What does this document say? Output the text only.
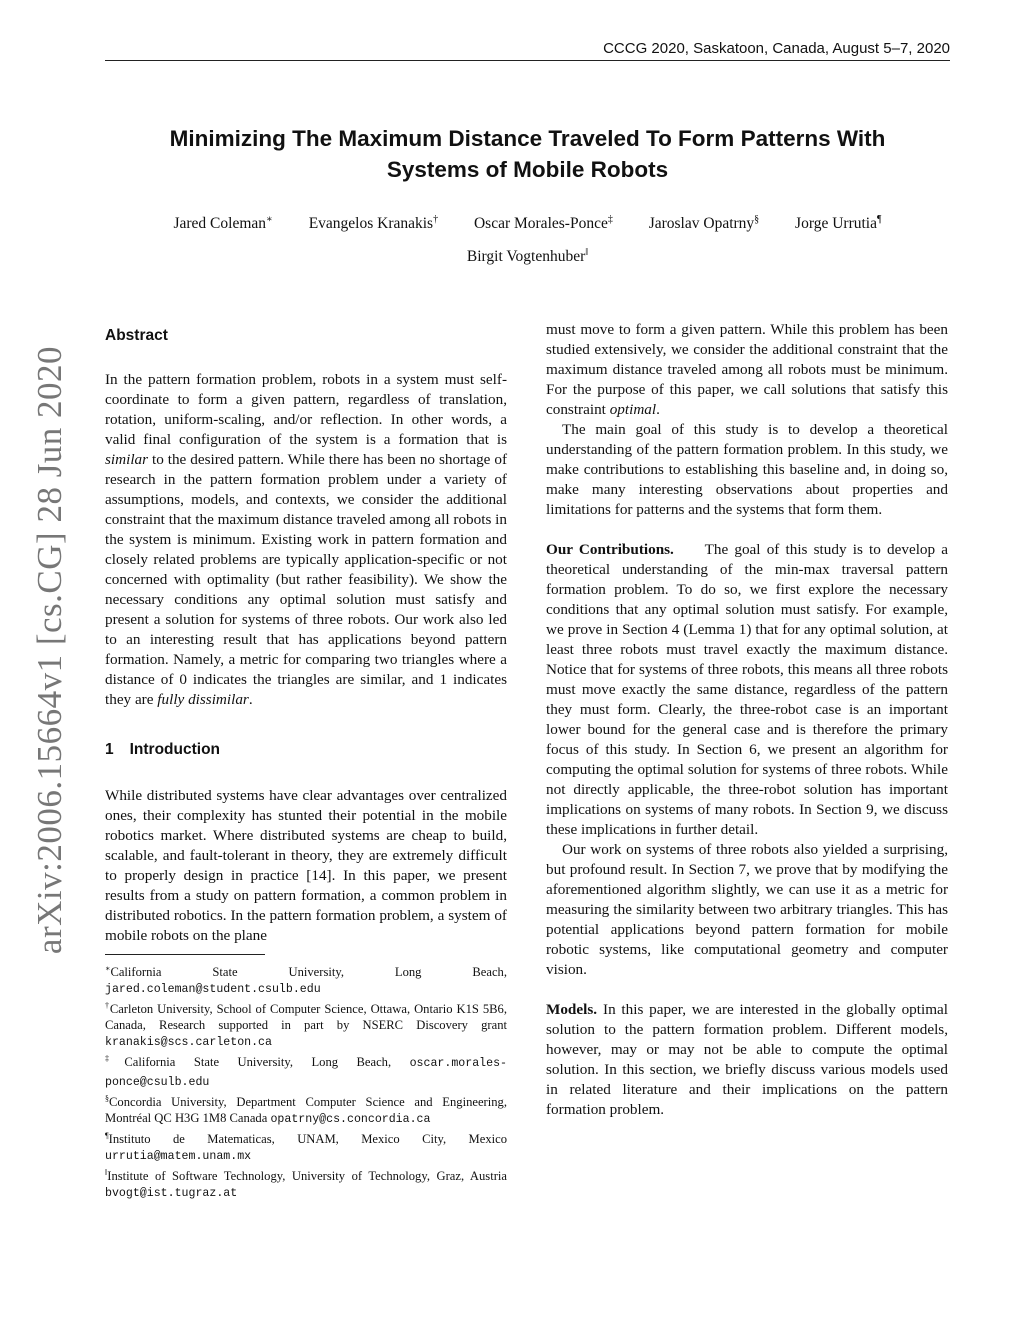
CCCG 2020, Saskatoon, Canada, August 5–7, 2020
arXiv:2006.15664v1 [cs.CG] 28 Jun 2020
Minimizing The Maximum Distance Traveled To Form Patterns With
Systems of Mobile Robots
Jared Coleman∗ Evangelos Kranakis† Oscar Morales-Ponce‡ Jaroslav Opatrny§ Jorge Urrutia¶
Birgit Vogtenhuber‖
Abstract

In the pattern formation problem, robots in a system must self-coordinate to form a given pattern, regardless of translation, rotation, uniform-scaling, and/or reflection. In other words, a valid final configuration of the system is a formation that is similar to the desired pattern. While there has been no shortage of research in the pattern formation problem under a variety of assumptions, models, and contexts, we consider the additional constraint that the maximum distance traveled among all robots in the system is minimum. Existing work in pattern formation and closely related problems are typically application-specific or not concerned with optimality (but rather feasibility). We show the necessary conditions any optimal solution must satisfy and present a solution for systems of three robots. Our work also led to an interesting result that has applications beyond pattern formation. Namely, a metric for comparing two triangles where a distance of 0 indicates the triangles are similar, and 1 indicates they are fully dissimilar.

1 Introduction

While distributed systems have clear advantages over centralized ones, their complexity has stunted their potential in the mobile robotics market. Where distributed systems are cheap to build, scalable, and fault-tolerant in theory, they are extremely difficult to properly design in practice [14]. In this paper, we present results from a study on pattern formation, a common problem in distributed robotics. In the pattern formation problem, a system of mobile robots on the plane

∗California State University, Long Beach, jared.coleman@student.csulb.edu
†Carleton University, School of Computer Science, Ottawa, Ontario K1S 5B6, Canada, Research supported in part by NSERC Discovery grant kranakis@scs.carleton.ca
‡California State University, Long Beach, oscar.morales-ponce@csulb.edu
§Concordia University, Department Computer Science and Engineering, Montréal QC H3G 1M8 Canada opatrny@cs.concordia.ca
¶Instituto de Matematicas, UNAM, Mexico City, Mexico urrutia@matem.unam.mx
‖Institute of Software Technology, University of Technology, Graz, Austria bvogt@ist.tugraz.at

must move to form a given pattern. While this problem has been studied extensively, we consider the additional constraint that the maximum distance traveled among all robots must be minimum. For the purpose of this paper, we call solutions that satisfy this constraint optimal.

The main goal of this study is to develop a theoretical understanding of the pattern formation problem. In this study, we make contributions to establishing this baseline and, in doing so, make many interesting observations about properties and limitations for patterns and the systems that form them.

Our Contributions. The goal of this study is to develop a theoretical understanding of the min-max traversal pattern formation problem. To do so, we first explore the necessary conditions that any optimal solution must satisfy. For example, we prove in Section 4 (Lemma 1) that for any optimal solution, at least three robots must travel exactly the maximum distance. Notice that for systems of three robots, this means all three robots must move exactly the same distance, regardless of the pattern they must form. Clearly, the three-robot case is an important lower bound for the general case and is therefore the primary focus of this study. In Section 6, we present an algorithm for computing the optimal solution for systems of three robots. While not directly applicable, the three-robot solution has important implications on systems of many robots. In Section 9, we discuss these implications in further detail.

Our work on systems of three robots also yielded a surprising, but profound result. In Section 7, we prove that by modifying the aforementioned algorithm slightly, we can use it as a metric for measuring the similarity between two arbitrary triangles. This has potential applications beyond pattern formation for mobile robotic systems, like computational geometry and computer vision.

Models. In this paper, we are interested in the globally optimal solution to the pattern formation problem. Different models, however, may or may not be able to compute the optimal solution. In this section, we briefly discuss various models used in related literature and their implications on the pattern formation problem.
